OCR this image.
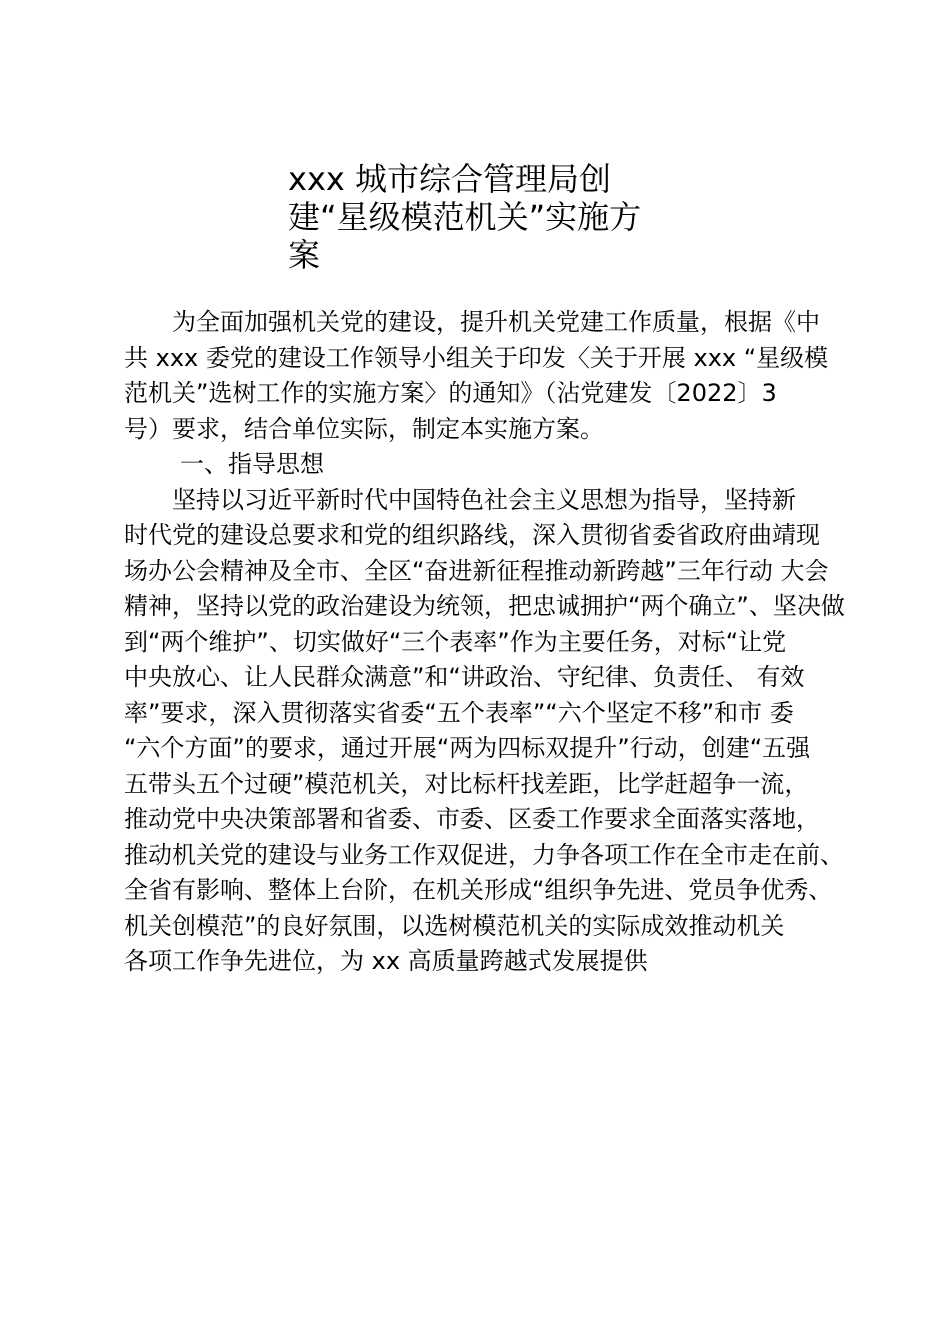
xxx 城市综合管理局创
建“星级模范机关”实施方
案
为全面加强机关党的建设，提升机关党建工作质量，根据《中
共 xxx 委党的建设工作领导小组关于印发〈关于开展 xxx “星级模
范机关”选树工作的实施方案〉的通知》（沾党建发〔2022〕3
号）要求，结合单位实际，制定本实施方案。
一、指导思想
坚持以习近平新时代中国特色社会主义思想为指导，坚持新
时代党的建设总要求和党的组织路线，深入贯彻省委省政府曲靖现
场办公会精神及全市、全区“奋进新征程推动新跨越”三年行动 大会
精神，坚持以党的政治建设为统领，把忠诚拥护“两个确立”、坚决做
到“两个维护”、切实做好“三个表率”作为主要任务，对标“让党
中央放心、让人民群众满意”和“讲政治、守纪律、负责任、 有效
率”要求，深入贯彻落实省委“五个表率”“六个坚定不移”和市 委
“六个方面”的要求，通过开展“两为四标双提升”行动，创建“五强
五带头五个过硬”模范机关，对比标杆找差距，比学赶超争一流，
推动党中央决策部署和省委、市委、区委工作要求全面落实落地，
推动机关党的建设与业务工作双促进，力争各项工作在全市走在前、
全省有影响、整体上台阶，在机关形成“组织争先进、党员争优秀、
机关创模范”的良好氛围，以选树模范机关的实际成效推动机关
各项工作争先进位，为 xx 高质量跨越式发展提供
